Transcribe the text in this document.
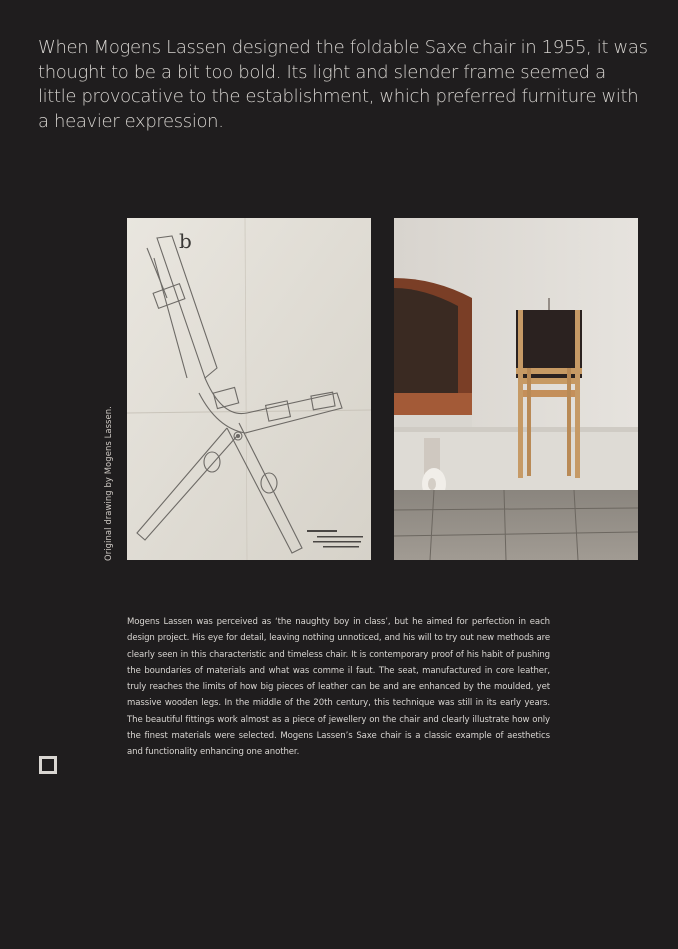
When Mogens Lassen designed the foldable Saxe chair in 1955, it was thought to be a bit too bold. Its light and slender frame seemed a little provocative to the establishment, which preferred furniture with a heavier expression.

Original drawing by Mogens Lassen.
b

Mogens Lassen was perceived as ‘the naughty boy in class’, but he aimed for perfection in each design project. His eye for detail, leaving nothing unnoticed, and his will to try out new methods are clearly seen in this characteristic and timeless chair. It is contemporary proof of his habit of pushing the boundaries of materials and what was comme il faut. The seat, manufactured in core leather, truly reaches the limits of how big pieces of leather can be and are enhanced by the moulded, yet massive wooden legs. In the middle of the 20th century, this technique was still in its early years. The beautiful fittings work almost as a piece of jewellery on the chair and clearly illustrate how only the finest materials were selected. Mogens Lassen’s Saxe chair is a classic example of aesthetics and functionality enhancing one another.
